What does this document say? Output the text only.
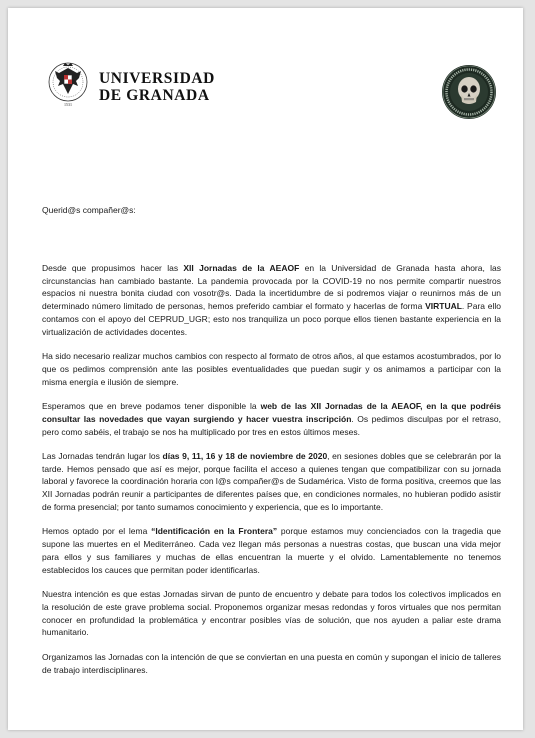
1531
UNIVERSIDAD
DE GRANADA

Querid@s compañer@s:

Desde que propusimos hacer las XII Jornadas de la AEAOF en la Universidad de Granada hasta ahora, las circunstancias han cambiado bastante. La pandemia provocada por la COVID-19 no nos permite compartir nuestros espacios ni nuestra bonita ciudad con vosotr@s. Dada la incertidumbre de si podremos viajar o reunirnos más de un determinado número limitado de personas, hemos preferido cambiar el formato y hacerlas de forma VIRTUAL. Para ello contamos con el apoyo del CEPRUD_UGR; esto nos tranquiliza un poco porque ellos tienen bastante experiencia en la virtualización de actividades docentes.

Ha sido necesario realizar muchos cambios con respecto al formato de otros años, al que estamos acostumbrados, por lo que os pedimos comprensión ante las posibles eventualidades que puedan sugir y os animamos a participar con la misma energía e ilusión de siempre.

Esperamos que en breve podamos tener disponible la web de las XII Jornadas de la AEAOF, en la que podréis consultar las novedades que vayan surgiendo y hacer vuestra inscripción. Os pedimos disculpas por el retraso, pero como sabéis, el trabajo se nos ha multiplicado por tres en estos últimos meses.

Las Jornadas tendrán lugar los días 9, 11, 16 y 18 de noviembre de 2020, en sesiones dobles que se celebrarán por la tarde. Hemos pensado que así es mejor, porque facilita el acceso a quienes tengan que compatibilizar con su jornada laboral y favorece la coordinación horaria con l@s compañer@s de Sudamérica. Visto de forma positiva, creemos que las XII Jornadas podrán reunir a participantes de diferentes países que, en condiciones normales, no hubieran podido asistir de forma presencial; por tanto sumamos conocimiento y experiencia, que es lo importante.

Hemos optado por el lema “Identificación en la Frontera” porque estamos muy concienciados con la tragedia que supone las muertes en el Mediterráneo. Cada vez llegan más personas a nuestras costas, que buscan una vida mejor para ellos y sus familiares y muchas de ellas encuentran la muerte y el olvido. Lamentablemente no tenemos establecidos los cauces que permitan poder identificarlas.

Nuestra intención es que estas Jornadas sirvan de punto de encuentro y debate para todos los colectivos implicados en la resolución de este grave problema social. Proponemos organizar mesas redondas y foros virtuales que nos permitan conocer en profundidad la problemática y encontrar posibles vías de solución, que nos ayuden a paliar este drama humanitario.

Organizamos las Jornadas con la intención de que se conviertan en una puesta en común y supongan el inicio de talleres de trabajo interdisciplinares.
